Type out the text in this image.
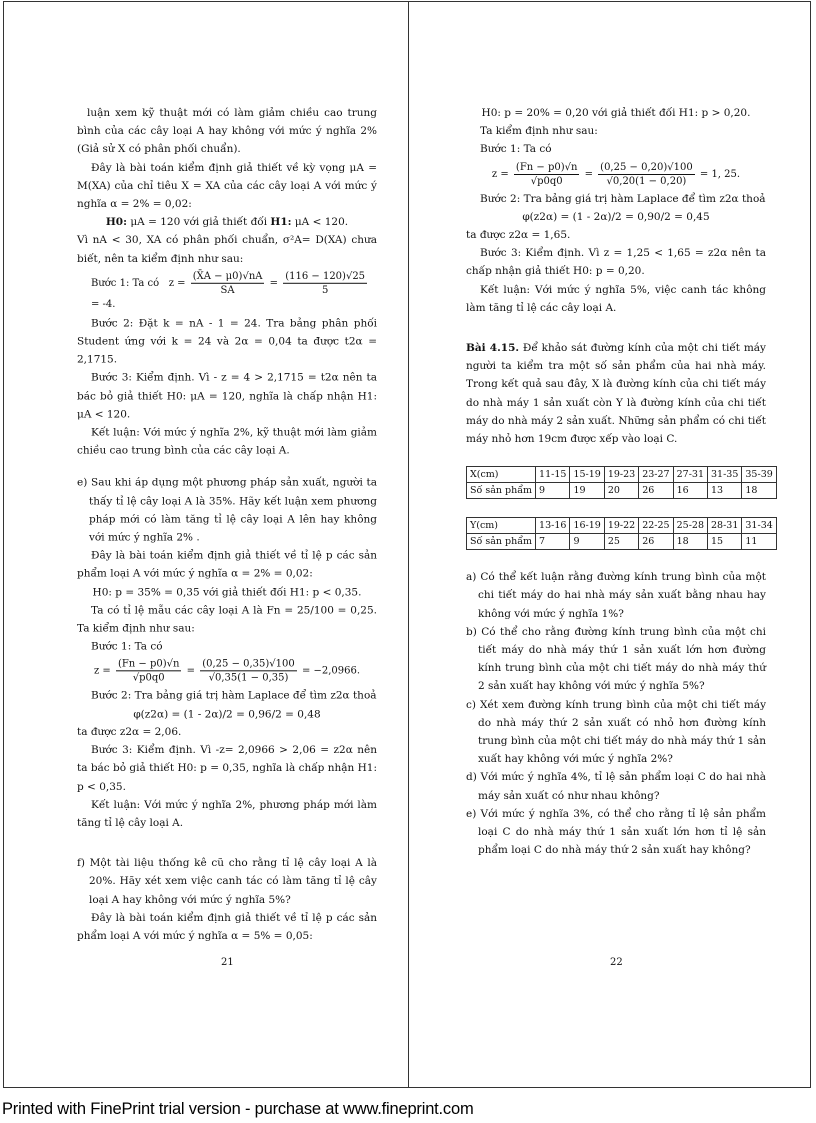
luận xem kỹ thuật mới có làm giảm chiều cao trung bình của các cây loại A hay không với mức ý nghĩa 2% (Giả sử X có phân phối chuẩn).

Đây là bài toán kiểm định giả thiết về kỳ vọng μA = M(XA) của chỉ tiêu X = XA của các cây loại A với mức ý nghĩa α = 2% = 0,02:

H0: μA = 120 với giả thiết đối H1: μA < 120.

Vì nA < 30, XA có phân phối chuẩn, σ²A= D(XA) chưa biết, nên ta kiểm định như sau:

Bước 1: Ta có   $z = \frac{(X̄A - \mu 0)√nA}{SA} = \frac{(116 - 120)√25}{5}$
= -4.

Bước 2: Đặt k = nA - 1 = 24. Tra bảng phân phối Student ứng với k = 24 và 2α = 0,04 ta được t2α = 2,1715.

Bước 3: Kiểm định. Vì - z = 4 > 2,1715 = t2α nên ta bác bỏ giả thiết H0: μA = 120, nghĩa là chấp nhận H1: μA < 120.

Kết luận: Với mức ý nghĩa 2%, kỹ thuật mới làm giảm chiều cao trung bình của các cây loại A.

e) Sau khi áp dụng một phương pháp sản xuất, người ta thấy tỉ lệ cây loại A là 35%. Hãy kết luận xem phương pháp mới có làm tăng tỉ lệ cây loại A lên hay không với mức ý nghĩa 2% .

Đây là bài toán kiểm định giả thiết về tỉ lệ p các sản phẩm loại A với mức ý nghĩa α = 2% = 0,02:

H0: p = 35% = 0,35 với giả thiết đối H1: p < 0,35.

Ta có tỉ lệ mẫu các cây loại A là Fn = 25/100 = 0,25. Ta kiểm định như sau:

Bước 1: Ta có

$z = \frac{(Fn - p0)√n}{√p0q0} = \frac{(0,25 - 0,35)√100}{√0,35(1 - 0,35)} = -2,0966$.

Bước 2: Tra bảng giá trị hàm Laplace để tìm z2α thoả

φ(z2α) = (1 - 2α)/2 = 0,96/2 = 0,48

ta được z2α = 2,06.

Bước 3: Kiểm định. Vì -z= 2,0966 > 2,06 = z2α nên ta bác bỏ giả thiết H0: p = 0,35, nghĩa là chấp nhận H1: p < 0,35.

Kết luận: Với mức ý nghĩa 2%, phương pháp mới làm tăng tỉ lệ cây loại A.

f) Một tài liệu thống kê cũ cho rằng tỉ lệ cây loại A là 20%. Hãy xét xem việc canh tác có làm tăng tỉ lệ cây loại A hay không với mức ý nghĩa 5%?

Đây là bài toán kiểm định giả thiết về tỉ lệ p các sản phẩm loại A với mức ý nghĩa α = 5% = 0,05:

21

H0: p = 20% = 0,20 với giả thiết đối H1: p > 0,20.

Ta kiểm định như sau:

Bước 1: Ta có

$z = \frac{(Fn - p0)√n}{√p0q0} = \frac{(0,25 - 0,20)√100}{√0,20(1 - 0,20)} = 1$, 25.

Bước 2: Tra bảng giá trị hàm Laplace để tìm z2α thoả

φ(z2α) = (1 - 2α)/2 = 0,90/2 = 0,45

ta được z2α = 1,65.

Bước 3: Kiểm định. Vì z = 1,25 < 1,65 = z2α nên ta chấp nhận giả thiết H0: p = 0,20.

Kết luận: Với mức ý nghĩa 5%, việc canh tác không làm tăng tỉ lệ các cây loại A.

Bài 4.15. Để khảo sát đường kính của một chi tiết máy người ta kiểm tra một số sản phẩm của hai nhà máy. Trong kết quả sau đây, X là đường kính của chi tiết máy do nhà máy 1 sản xuất còn Y là đường kính của chi tiết máy do nhà máy 2 sản xuất. Những sản phẩm có chi tiết máy nhỏ hơn 19cm được xếp vào loại C.

X(cm)	11-15	15-19	19-23	23-27	27-31	31-35	35-39
Số sản phẩm	9	19	20	26	16	13	18
Y(cm)	13-16	16-19	19-22	22-25	25-28	28-31	31-34
Số sản phẩm	7	9	25	26	18	15	11

a) Có thể kết luận rằng đường kính trung bình của một chi tiết máy do hai nhà máy sản xuất bằng nhau hay không với mức ý nghĩa 1%?

b) Có thể cho rằng đường kính trung bình của một chi tiết máy do nhà máy thứ 1 sản xuất lớn hơn đường kính trung bình của một chi tiết máy do nhà máy thứ 2 sản xuất hay không với mức ý nghĩa 5%?

c) Xét xem đường kính trung bình của một chi tiết máy do nhà máy thứ 2 sản xuất có nhỏ hơn đường kính trung bình của một chi tiết máy do nhà máy thứ 1 sản xuất hay không với mức ý nghĩa 2%?

d) Với mức ý nghĩa 4%, tỉ lệ sản phẩm loại C do hai nhà máy sản xuất có như nhau không?

e) Với mức ý nghĩa 3%, có thể cho rằng tỉ lệ sản phẩm loại C do nhà máy thứ 1 sản xuất lớn hơn tỉ lệ sản phẩm loại C do nhà máy thứ 2 sản xuất hay không?

22
Printed with FinePrint trial version - purchase at www.fineprint.com
